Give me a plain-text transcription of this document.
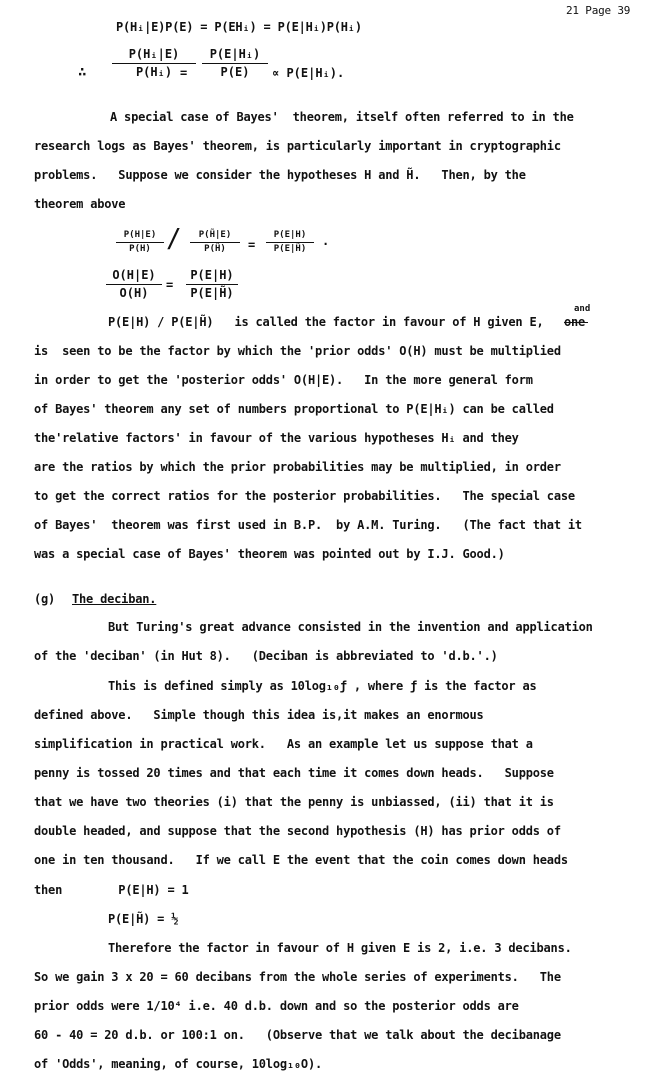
21 Page 39
P(Hᵢ|E)P(E) = P(EHᵢ) = P(E|Hᵢ)P(Hᵢ)
∴
P(Hᵢ|E)
P(Hᵢ) =
P(E|Hᵢ)
P(E)	∝ P(E|Hᵢ).
A special case of Bayes'  theorem, itself often referred to in the
research logs as Bayes' theorem, is particularly important in cryptographic
problems.   Suppose we consider the hypotheses H and H̃.   Then, by the
theorem above
P(H|E)
P(H) /	P(H̃|E)
P(H̃)	=
P(E|H)
P(E|H̃)
.
O(H|E)
O(H)
=
P(E|H)
P(E|H̃)
P(E|H) / P(E|H̃)   is called the factor in favour of H given E, one
and
is  seen to be the factor by which the 'prior odds' O(H) must be multiplied
in order to get the 'posterior odds' O(H|E).   In the more general form
of Bayes' theorem any set of numbers proportional to P(E|Hᵢ) can be called
the'relative factors' in favour of the various hypotheses Hᵢ and they
are the ratios by which the prior probabilities may be multiplied, in order
to get the correct ratios for the posterior probabilities.   The special case
of Bayes'  theorem was first used in B.P.  by A.M. Turing.   (The fact that it
was a special case of Bayes' theorem was pointed out by I.J. Good.)
(g) The deciban.
But Turing's great advance consisted in the invention and application
of the 'deciban' (in Hut 8).   (Deciban is abbreviated to 'd.b.'.)
This is defined simply as 10log₁₀ƒ , where ƒ is the factor as
defined above.   Simple though this idea is,it makes an enormous
simplification in practical work.   As an example let us suppose that a
penny is tossed 20 times and that each time it comes down heads.   Suppose
that we have two theories (i) that the penny is unbiassed, (ii) that it is
double headed, and suppose that the second hypothesis (H) has prior odds of
one in ten thousand.   If we call E the event that the coin comes down heads
then        P(E|H) = 1
P(E|H̃) = ½
Therefore the factor in favour of H given E is 2, i.e. 3 decibans.
So we gain 3 x 20 = 60 decibans from the whole series of experiments.   The
prior odds were 1/10⁴ i.e. 40 d.b. down and so the posterior odds are
60 - 40 = 20 d.b. or 100:1 on.   (Observe that we talk about the decibanage
of 'Odds', meaning, of course, 10log₁₀O).
